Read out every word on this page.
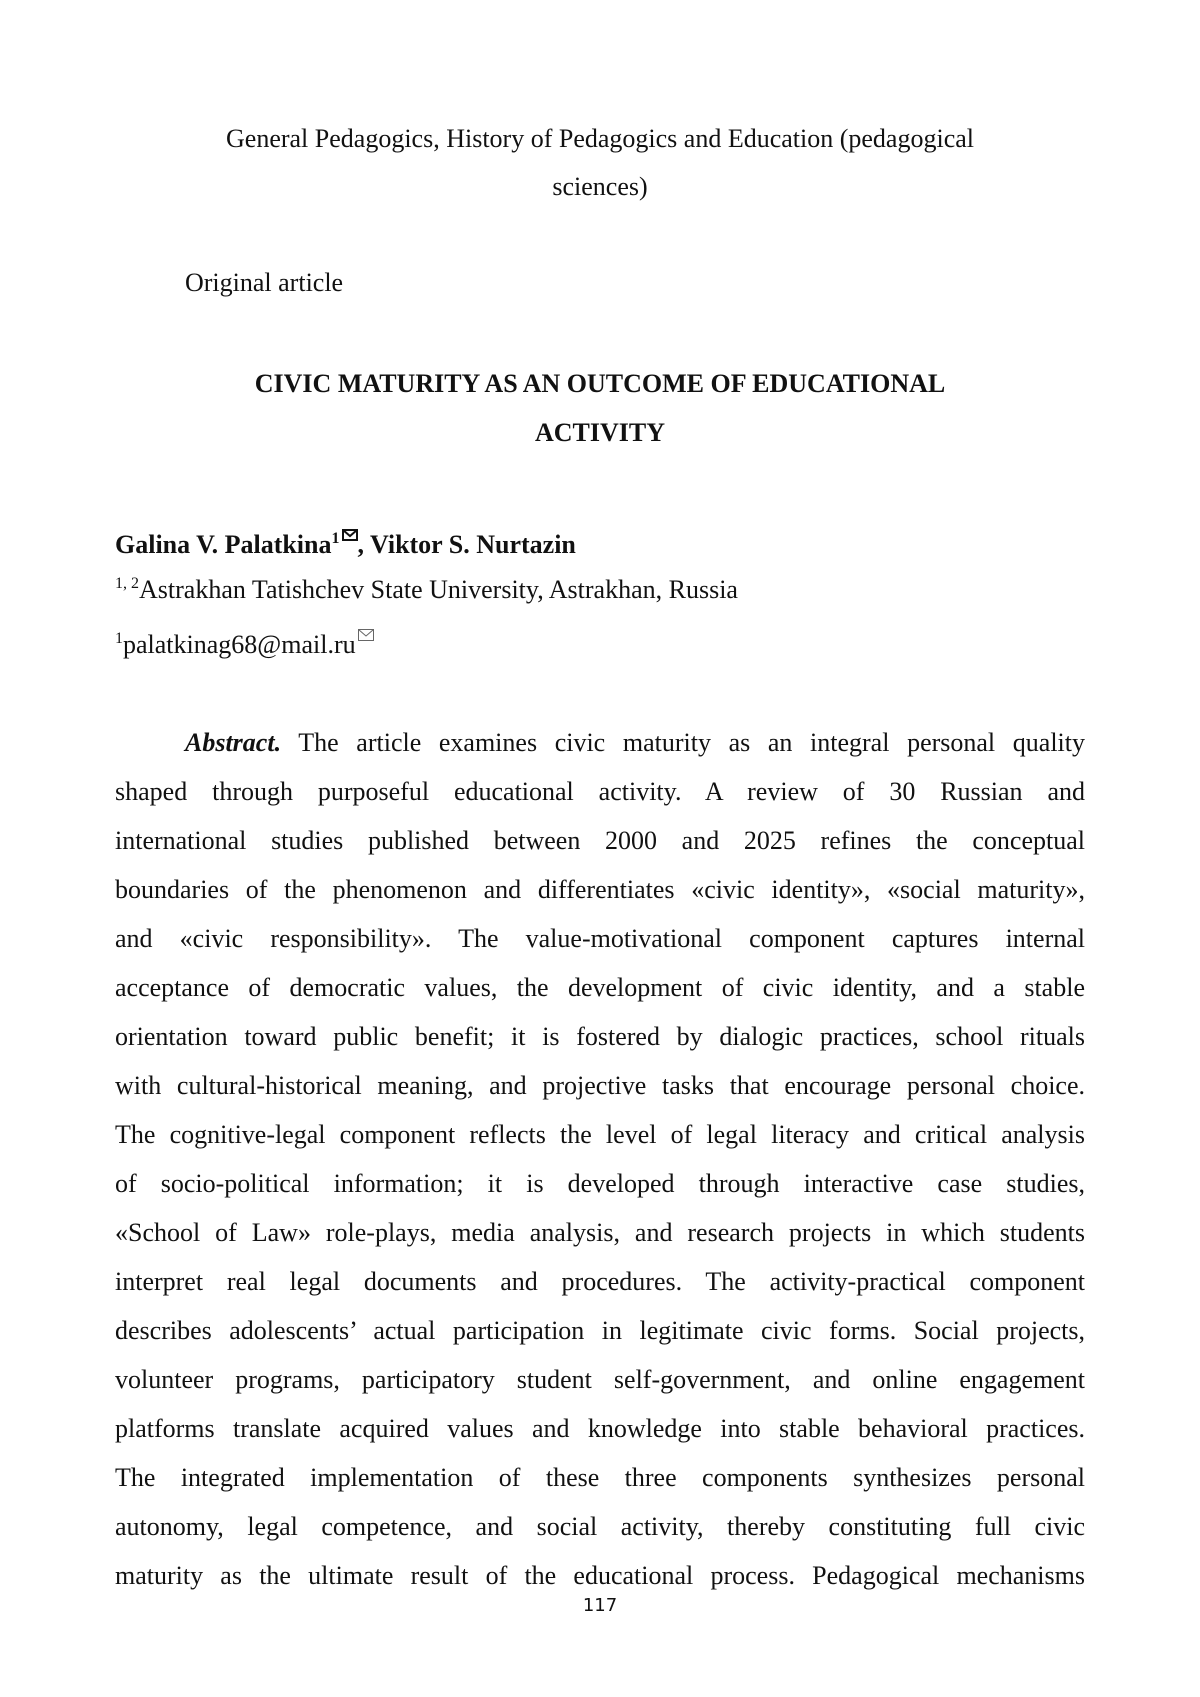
General Pedagogics, History of Pedagogics and Education (pedagogical
sciences)
Original article
CIVIC MATURITY AS AN OUTCOME OF EDUCATIONAL
ACTIVITY
Galina V. Palatkina$^1$ , Viktor S. Nurtazin
$^{1, 2}$Astrakhan Tatishchev State University, Astrakhan, Russia
$^1$palatkinag68@mail.ru
Abstract. The article examines civic maturity as an integral personal quality
shaped through purposeful educational activity. A review of 30 Russian and
international studies published between 2000 and 2025 refines the conceptual
boundaries of the phenomenon and differentiates «civic identity», «social maturity»,
and «civic responsibility». The value-motivational component captures internal
acceptance of democratic values, the development of civic identity, and a stable
orientation toward public benefit; it is fostered by dialogic practices, school rituals
with cultural-historical meaning, and projective tasks that encourage personal choice.
The cognitive-legal component reflects the level of legal literacy and critical analysis
of socio-political information; it is developed through interactive case studies,
«School of Law» role-plays, media analysis, and research projects in which students
interpret real legal documents and procedures. The activity-practical component
describes adolescents’ actual participation in legitimate civic forms. Social projects,
volunteer programs, participatory student self-government, and online engagement
platforms translate acquired values and knowledge into stable behavioral practices.
The integrated implementation of these three components synthesizes personal
autonomy, legal competence, and social activity, thereby constituting full civic
maturity as the ultimate result of the educational process. Pedagogical mechanisms
117
